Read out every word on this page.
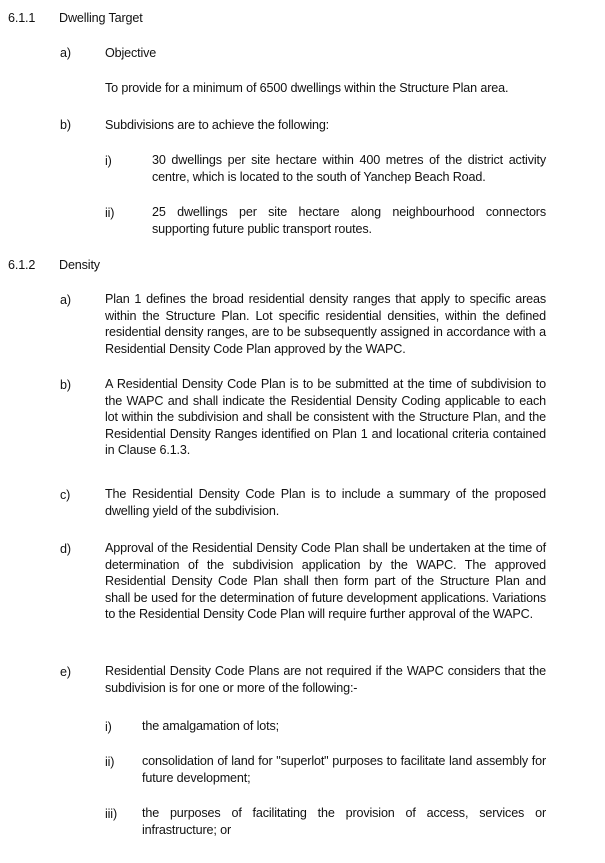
6.1.1 Dwelling Target
a)	Objective
To provide for a minimum of 6500 dwellings within the Structure Plan area.
b)	Subdivisions are to achieve the following:
i)	30 dwellings per site hectare within 400 metres of the district activity centre, which is located to the south of Yanchep Beach Road.
ii)	25 dwellings per site hectare along neighbourhood connectors supporting future public transport routes.
6.1.2 Density
a)	Plan 1 defines the broad residential density ranges that apply to specific areas within the Structure Plan. Lot specific residential densities, within the defined residential density ranges, are to be subsequently assigned in accordance with a Residential Density Code Plan approved by the WAPC.
b)	A Residential Density Code Plan is to be submitted at the time of subdivision to the WAPC and shall indicate the Residential Density Coding applicable to each lot within the subdivision and shall be consistent with the Structure Plan, and the Residential Density Ranges identified on Plan 1 and locational criteria contained in Clause 6.1.3.
c)	The Residential Density Code Plan is to include a summary of the proposed dwelling yield of the subdivision.
d)	Approval of the Residential Density Code Plan shall be undertaken at the time of determination of the subdivision application by the WAPC. The approved Residential Density Code Plan shall then form part of the Structure Plan and shall be used for the determination of future development applications. Variations to the Residential Density Code Plan will require further approval of the WAPC.
e)	Residential Density Code Plans are not required if the WAPC considers that the subdivision is for one or more of the following:-
i) the amalgamation of lots;
ii) consolidation of land for "superlot" purposes to facilitate land assembly for future development;
iii) the purposes of facilitating the provision of access, services or infrastructure; or
